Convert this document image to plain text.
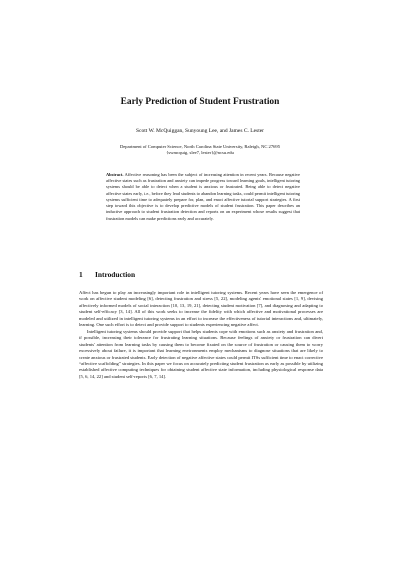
Early Prediction of Student Frustration
Scott W. McQuiggan, Sunyoung Lee, and James C. Lester
Department of Computer Science, North Carolina State University, Raleigh, NC 27695
{swmcquig, slee7, lester}@ncsu.edu
Abstract. Affective reasoning has been the subject of increasing attention in recent years. Because negative affective states such as frustration and anxiety can impede progress toward learning goals, intelligent tutoring systems should be able to detect when a student is anxious or frustrated. Being able to detect negative affective states early, i.e., before they lead students to abandon learning tasks, could permit intelligent tutoring systems sufficient time to adequately prepare for, plan, and enact affective tutorial support strategies. A first step toward this objective is to develop predictive models of student frustration. This paper describes an inductive approach to student frustration detection and reports on an experiment whose results suggest that frustration models can make predictions early and accurately.
1 Introduction

Affect has begun to play an increasingly important role in intelligent tutoring systems. Recent years have seen the emergence of work on affective student modeling [6], detecting frustration and stress [5, 22], modeling agents' emotional states [1, 9], devising affectively informed models of social interaction [10, 13, 19, 21], detecting student motivation [7], and diagnosing and adapting to student self-efficacy [3, 14]. All of this work seeks to increase the fidelity with which affective and motivational processes are modeled and utilized in intelligent tutoring systems in an effort to increase the effectiveness of tutorial interactions and, ultimately, learning. One such effort is to detect and provide support to students experiencing negative affect.

Intelligent tutoring systems should provide support that helps students cope with emotions such as anxiety and frustration and, if possible, increasing their tolerance for frustrating learning situations. Because feelings of anxiety or frustration can divert students' attention from learning tasks by causing them to become fixated on the source of frustration or causing them to worry excessively about failure, it is important that learning environments employ mechanisms to diagnose situations that are likely to create anxious or frustrated students. Early detection of negative affective states could permit ITSs sufficient time to enact corrective “affective scaffolding” strategies. In this paper we focus on accurately predicting student frustration as early as possible by utilizing established affective computing techniques for obtaining student affective state information, including physiological response data [5, 6, 14, 22] and student self-reports [6, 7, 14].
